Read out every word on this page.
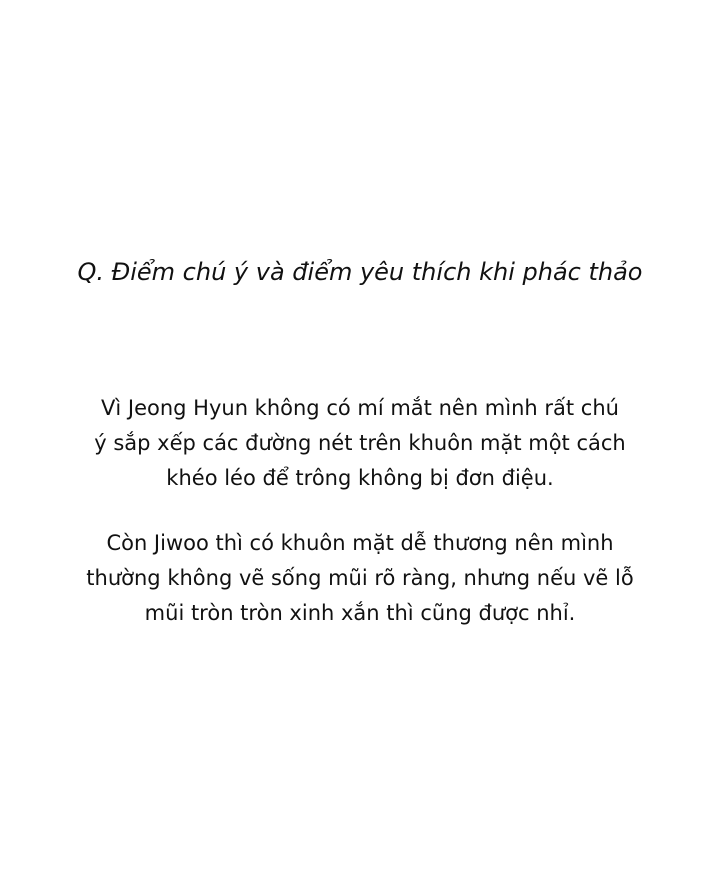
Q. Điểm chú ý và điểm yêu thích khi phác thảo

Vì Jeong Hyun không có mí mắt nên mình rất chú
ý sắp xếp các đường nét trên khuôn mặt một cách
khéo léo để trông không bị đơn điệu.

Còn Jiwoo thì có khuôn mặt dễ thương nên mình
thường không vẽ sống mũi rõ ràng, nhưng nếu vẽ lỗ
mũi tròn tròn xinh xắn thì cũng được nhỉ.
